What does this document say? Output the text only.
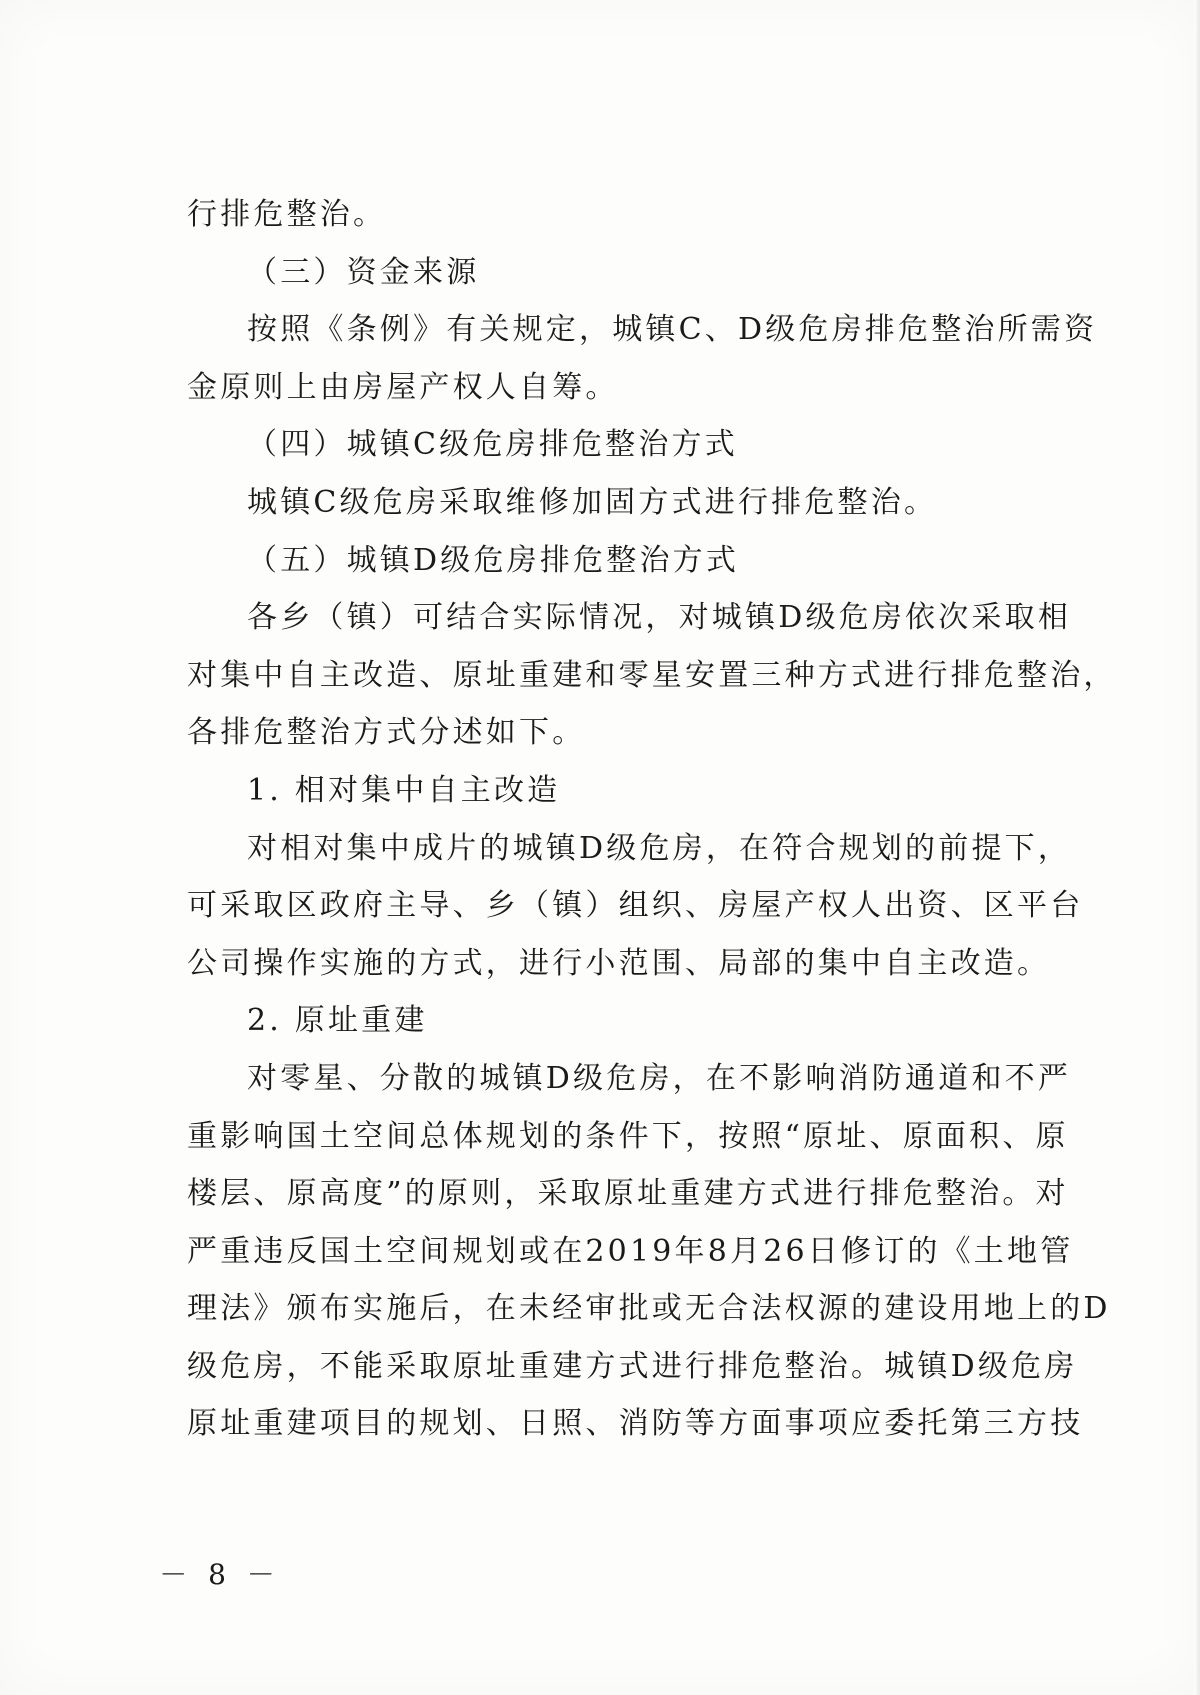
行排危整治。
（三）资金来源
按照《条例》有关规定，城镇C、D级危房排危整治所需资
金原则上由房屋产权人自筹。
（四）城镇C级危房排危整治方式
城镇C级危房采取维修加固方式进行排危整治。
（五）城镇D级危房排危整治方式
各乡（镇）可结合实际情况，对城镇D级危房依次采取相
对集中自主改造、原址重建和零星安置三种方式进行排危整治，
各排危整治方式分述如下。
1. 相对集中自主改造
对相对集中成片的城镇D级危房，在符合规划的前提下，
可采取区政府主导、乡（镇）组织、房屋产权人出资、区平台
公司操作实施的方式，进行小范围、局部的集中自主改造。
2. 原址重建
对零星、分散的城镇D级危房，在不影响消防通道和不严
重影响国土空间总体规划的条件下，按照“原址、原面积、原
楼层、原高度”的原则，采取原址重建方式进行排危整治。对
严重违反国土空间规划或在2019年8月26日修订的《土地管
理法》颁布实施后，在未经审批或无合法权源的建设用地上的D
级危房，不能采取原址重建方式进行排危整治。城镇D级危房
原址重建项目的规划、日照、消防等方面事项应委托第三方技
－ 8 －
